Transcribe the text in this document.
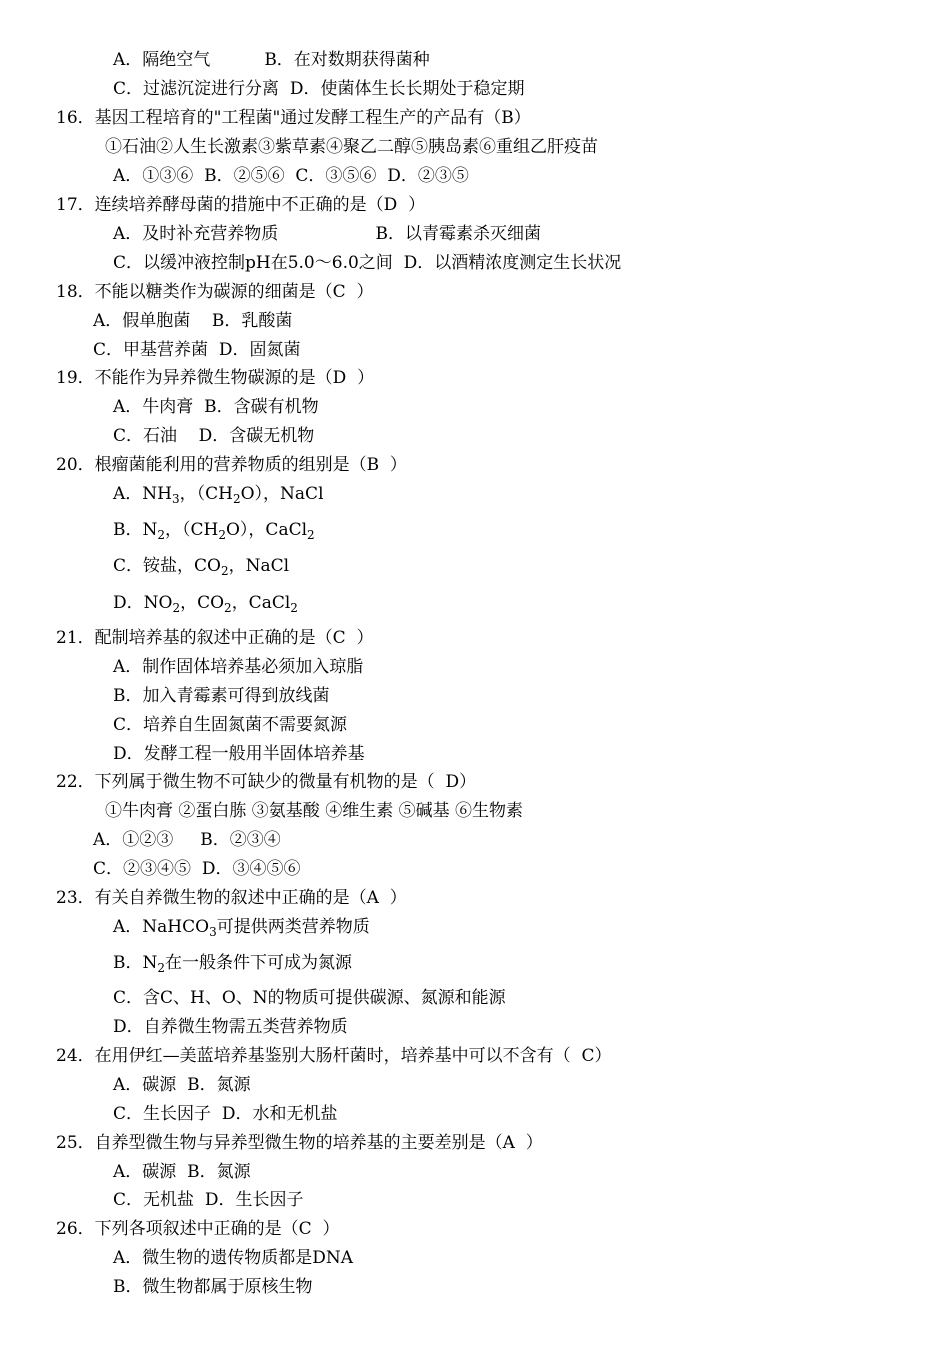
A．隔绝空气          B．在对数期获得菌种
C．过滤沉淀进行分离  D．使菌体生长长期处于稳定期
16．基因工程培育的"工程菌"通过发酵工程生产的产品有（B）
①石油②人生长激素③紫草素④聚乙二醇⑤胰岛素⑥重组乙肝疫苗
A．①③⑥  B．②⑤⑥  C．③⑤⑥  D．②③⑤
17．连续培养酵母菌的措施中不正确的是（D  ）
A．及时补充营养物质                  B．以青霉素杀灭细菌
C．以缓冲液控制pH在5.0～6.0之间  D．以酒精浓度测定生长状况
18．不能以糖类作为碳源的细菌是（C  ）
A．假单胞菌    B．乳酸菌
C．甲基营养菌  D．固氮菌
19．不能作为异养微生物碳源的是（D  ）
A．牛肉膏  B．含碳有机物
C．石油    D．含碳无机物
20．根瘤菌能利用的营养物质的组别是（B  ）
A．$NH_3$，$(CH_2O)$，NaCl
B．$N_2$，$(CH_2O)$，CaCl$_2$
C．铵盐，$CO_2$，NaCl
D．$NO_2$，$CO_2$，CaCl$_2$
21．配制培养基的叙述中正确的是（C  ）
A．制作固体培养基必须加入琼脂
B．加入青霉素可得到放线菌
C．培养自生固氮菌不需要氮源
D．发酵工程一般用半固体培养基
22．下列属于微生物不可缺少的微量有机物的是（  D）
①牛肉膏 ②蛋白胨 ③氨基酸 ④维生素 ⑤碱基 ⑥生物素
A．①②③     B．②③④
C．②③④⑤  D．③④⑤⑥
23．有关自养微生物的叙述中正确的是（A  ）
A．NaHCO$_3$可提供两类营养物质
B．$N_2$在一般条件下可成为氮源
C．含C、H、O、N的物质可提供碳源、氮源和能源
D．自养微生物需五类营养物质
24．在用伊红—美蓝培养基鉴别大肠杆菌时，培养基中可以不含有（  C）
A．碳源  B．氮源
C．生长因子  D．水和无机盐
25．自养型微生物与异养型微生物的培养基的主要差别是（A  ）
A．碳源  B．氮源
C．无机盐  D．生长因子
26．下列各项叙述中正确的是（C  ）
A．微生物的遗传物质都是DNA
B．微生物都属于原核生物
